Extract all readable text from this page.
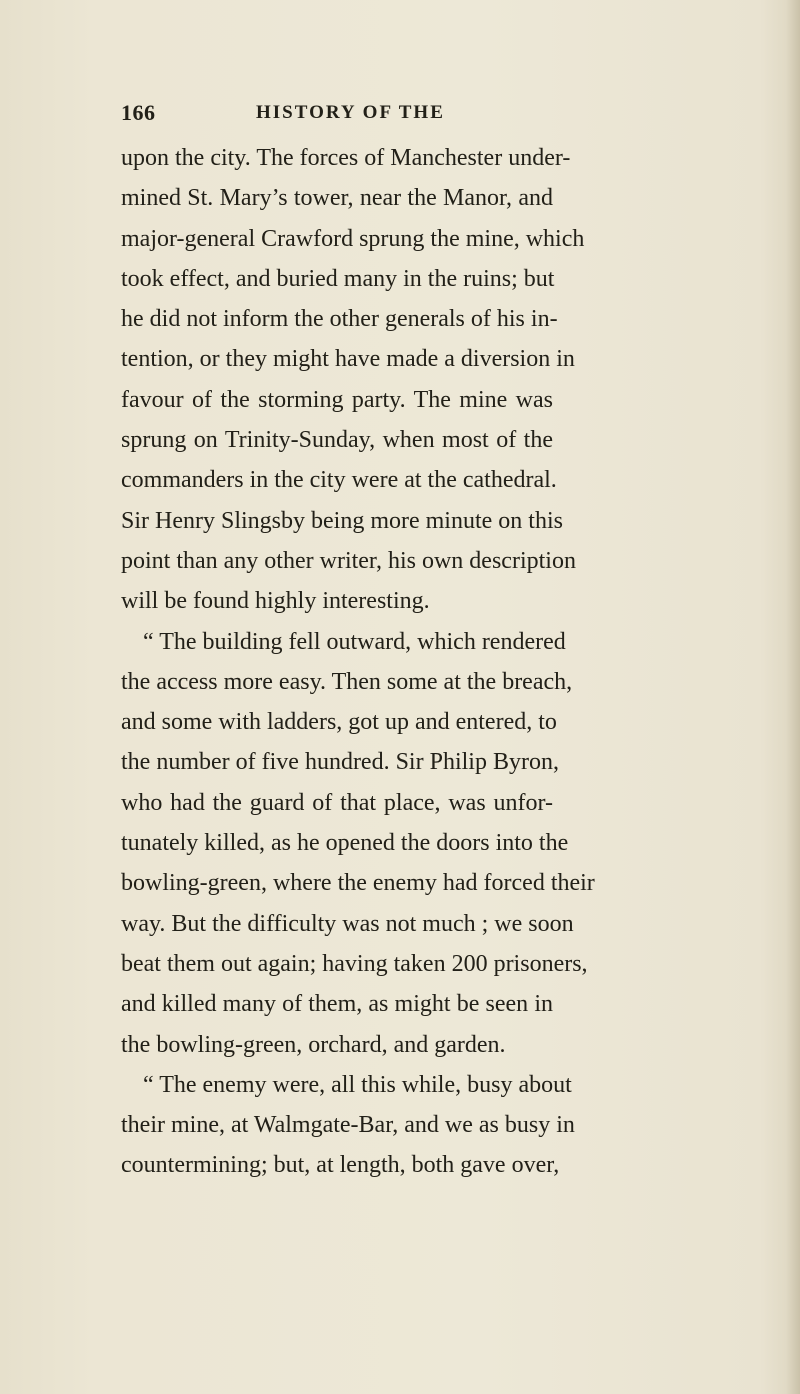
166	HISTORY OF THE
upon the city. The forces of Manchester under-
mined St. Mary’s tower, near the Manor, and
major-general Crawford sprung the mine, which
took effect, and buried many in the ruins; but
he did not inform the other generals of his in-
tention, or they might have made a diversion in
favour of the storming party. The mine was
sprung on Trinity-Sunday, when most of the
commanders in the city were at the cathedral.
Sir Henry Slingsby being more minute on this
point than any other writer, his own description
will be found highly interesting.
“ The building fell outward, which rendered
the access more easy. Then some at the breach,
and some with ladders, got up and entered, to
the number of five hundred. Sir Philip Byron,
who had the guard of that place, was unfor-
tunately killed, as he opened the doors into the
bowling-green, where the enemy had forced their
way. But the difficulty was not much ; we soon
beat them out again; having taken 200 prisoners,
and killed many of them, as might be seen in
the bowling-green, orchard, and garden.
“ The enemy were, all this while, busy about
their mine, at Walmgate-Bar, and we as busy in
countermining; but, at length, both gave over,
